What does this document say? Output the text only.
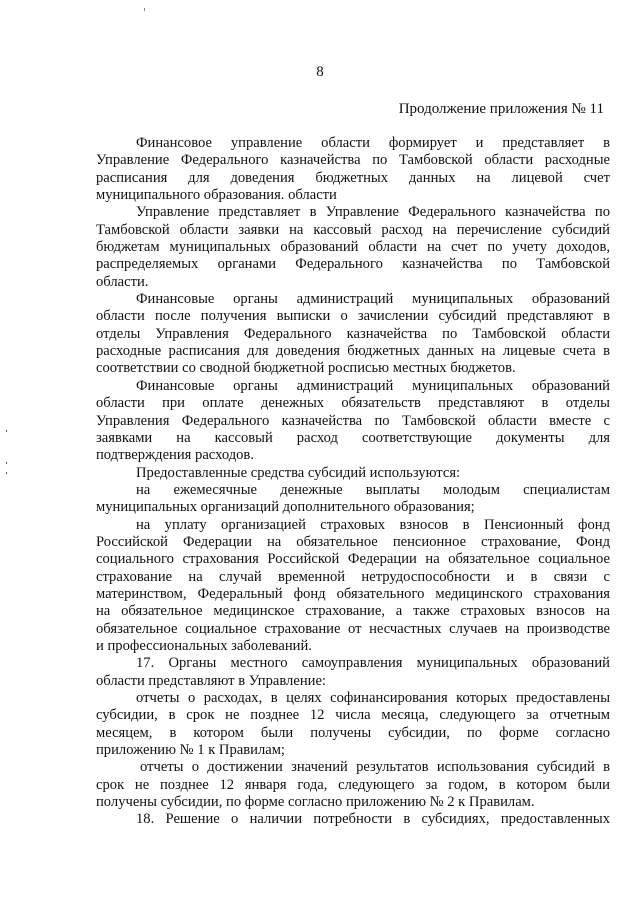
8
Продолжение приложения № 11
Финансовое управление области формирует и представляет в
Управление Федерального казначейства по Тамбовской области расходные
расписания для доведения бюджетных данных на лицевой счет
муниципального образования. области
Управление представляет в Управление Федерального казначейства по
Тамбовской области заявки на кассовый расход на перечисление субсидий
бюджетам муниципальных образований области на счет по учету доходов,
распределяемых органами Федерального казначейства по Тамбовской
области.
Финансовые органы администраций муниципальных образований
области после получения выписки о зачислении субсидий представляют в
отделы Управления Федерального казначейства по Тамбовской области
расходные расписания для доведения бюджетных данных на лицевые счета в
соответствии со сводной бюджетной росписью местных бюджетов.
Финансовые органы администраций муниципальных образований
области при оплате денежных обязательств представляют в отделы
Управления Федерального казначейства по Тамбовской области вместе с
заявками на кассовый расход соответствующие документы для
подтверждения расходов.
Предоставленные средства субсидий используются:
на ежемесячные денежные выплаты молодым специалистам
муниципальных организаций дополнительного образования;
на уплату организацией страховых взносов в Пенсионный фонд
Российской Федерации на обязательное пенсионное страхование, Фонд
социального страхования Российской Федерации на обязательное социальное
страхование на случай временной нетрудоспособности и в связи с
материнством, Федеральный фонд обязательного медицинского страхования
на обязательное медицинское страхование, а также страховых взносов на
обязательное социальное страхование от несчастных случаев на производстве
и профессиональных заболеваний.
17. Органы местного самоуправления муниципальных образований
области представляют в Управление:
отчеты о расходах, в целях софинансирования которых предоставлены
субсидии, в срок не позднее 12 числа месяца, следующего за отчетным
месяцем, в котором были получены субсидии, по форме согласно
приложению № 1 к Правилам;
отчеты о достижении значений результатов использования субсидий в
срок не позднее 12 января года, следующего за годом, в котором были
получены субсидии, по форме согласно приложению № 2 к Правилам.
18. Решение о наличии потребности в субсидиях, предоставленных
